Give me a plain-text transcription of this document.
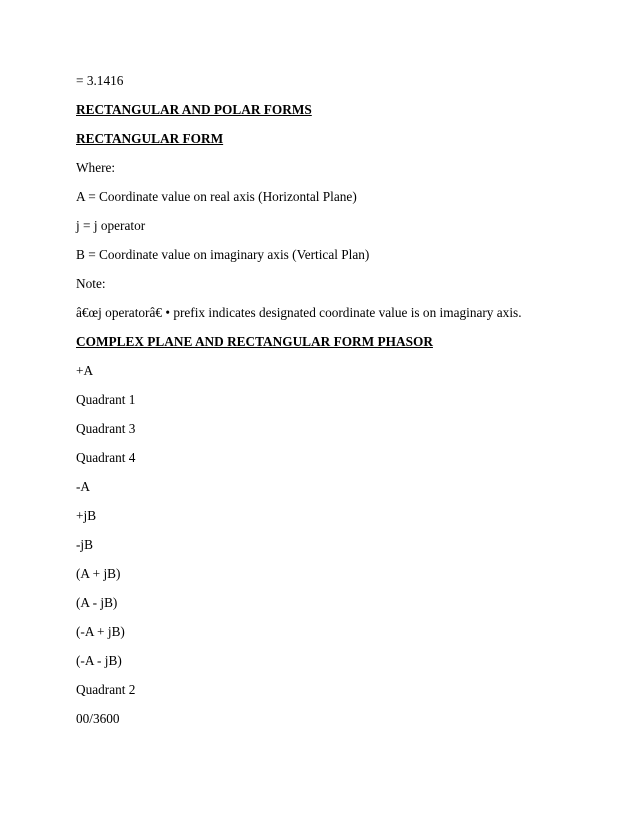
= 3.1416

RECTANGULAR AND POLAR FORMS

RECTANGULAR FORM

Where:

A = Coordinate value on real axis (Horizontal Plane)

j = j operator

B = Coordinate value on imaginary axis (Vertical Plan)

Note:

â€œj operatorâ€ • prefix indicates designated coordinate value is on imaginary axis.

COMPLEX PLANE AND RECTANGULAR FORM PHASOR

+A

Quadrant 1

Quadrant 3

Quadrant 4

-A

+jB

-jB

(A + jB)

(A - jB)

(-A + jB)

(-A - jB)

Quadrant 2

00/3600
